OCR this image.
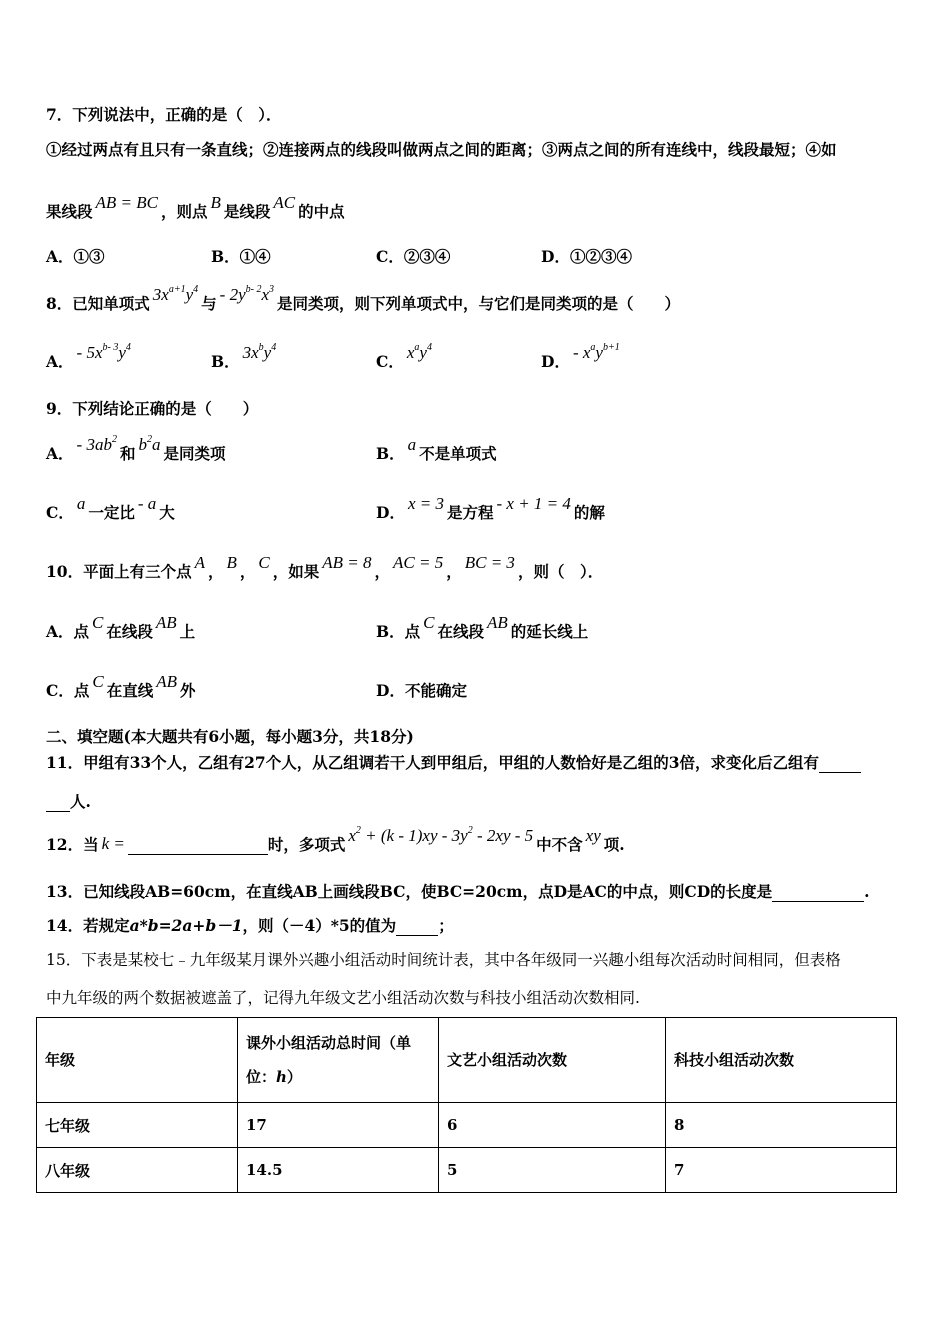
7．下列说法中，正确的是（　）．
①经过两点有且只有一条直线；②连接两点的线段叫做两点之间的距离；③两点之间的所有连线中，线段最短；④如
果线段 AB = BC ，则点 B 是线段 AC 的中点
A．①③	B．①④	C．②③④	D．①②③④
8．已知单项式 $3x^{a+1}y^4$与 - $2y^{b- 2}x^3$是同类项，则下列单项式中，与它们是同类项的是（　　）
A． - $5x^{b- 3}y^4$
B． $3x^by^4$
C． $x^ay^4$
D． - $x^ay^{b+1}$
9．下列结论正确的是（　　）
A． - $3ab^2$和 $b^2a$ 是同类项	B． a 不是单项式
C． a 一定比 - a 大	D． x = 3 是方程 - x + 1 = 4 的解
10．平面上有三个点 A ， B ， C ，如果 AB = 8 ， AC = 5 ， BC = 3 ，则（　）．
A．点 C 在线段 AB 上	B．点 C 在线段 AB 的延长线上
C．点 C 在直线 AB 外	D．不能确定
二、填空题(本大题共有6小题，每小题3分，共18分)
11．甲组有33个人，乙组有27个人，从乙组调若干人到甲组后，甲组的人数恰好是乙组的3倍，求变化后乙组有
人.
12．当 k =	时，多项式 $x^2 + (k - 1)xy - 3y^2 - 2xy - 5$ 中不含 xy 项.
13．已知线段AB=60cm，在直线AB上画线段BC，使BC=20cm，点D是AC的中点，则CD的长度是	.
14．若规定a*b=2a+b－1，则（－4）*5的值为	；
15．下表是某校七﹣九年级某月课外兴趣小组活动时间统计表，其中各年级同一兴趣小组每次活动时间相同，但表格
中九年级的两个数据被遮盖了，记得九年级文艺小组活动次数与科技小组活动次数相同.
年级	课外小组活动总时间（单
位：h）	文艺小组活动次数	科技小组活动次数
七年级	17	6	8
八年级	14.5	5	7
